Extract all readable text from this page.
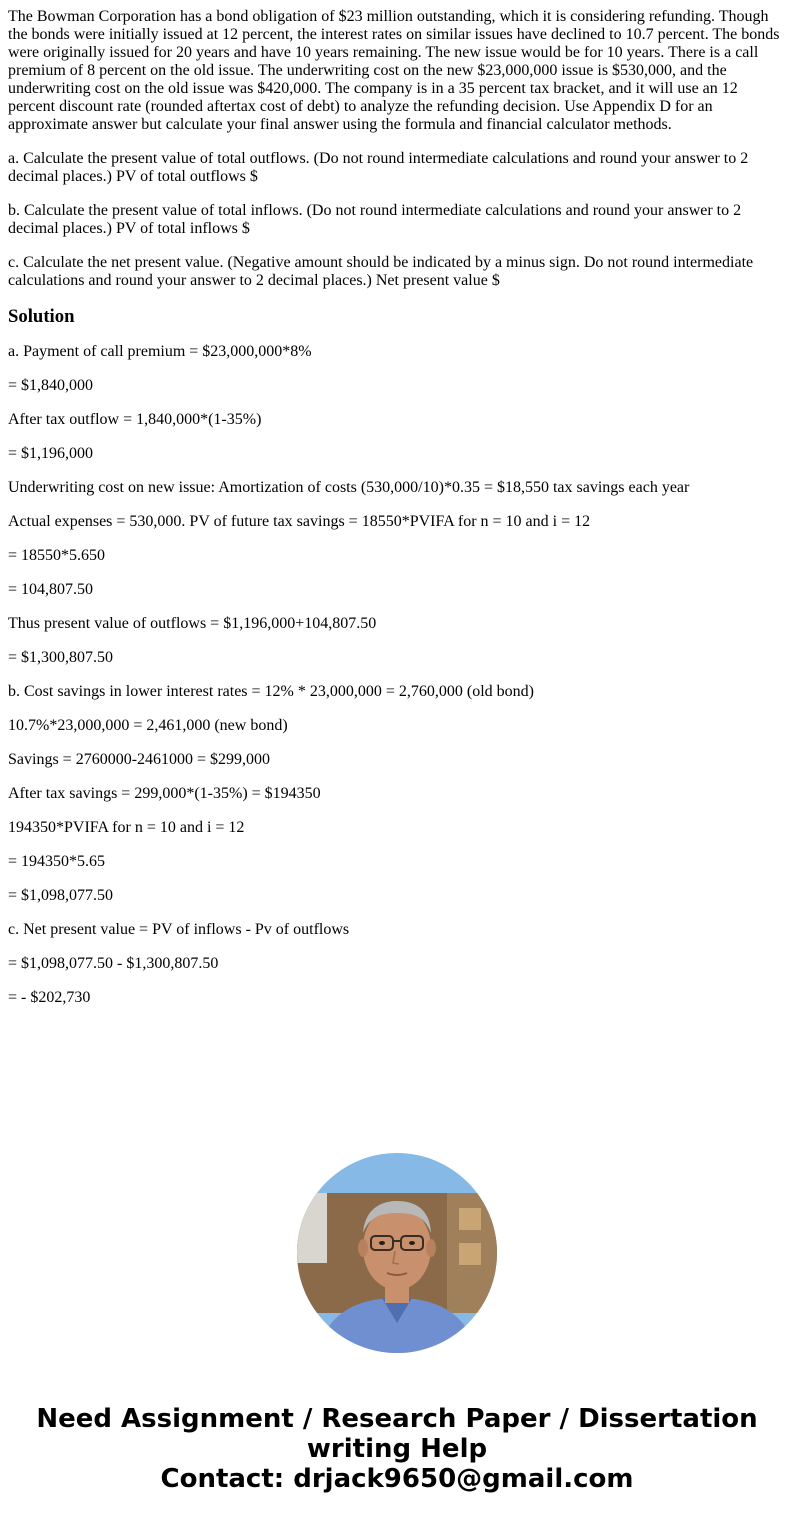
The Bowman Corporation has a bond obligation of $23 million outstanding, which it is considering refunding. Though the bonds were initially issued at 12 percent, the interest rates on similar issues have declined to 10.7 percent. The bonds were originally issued for 20 years and have 10 years remaining. The new issue would be for 10 years. There is a call premium of 8 percent on the old issue. The underwriting cost on the new $23,000,000 issue is $530,000, and the underwriting cost on the old issue was $420,000. The company is in a 35 percent tax bracket, and it will use an 12 percent discount rate (rounded aftertax cost of debt) to analyze the refunding decision. Use Appendix D for an approximate answer but calculate your final answer using the formula and financial calculator methods.

a. Calculate the present value of total outflows. (Do not round intermediate calculations and round your answer to 2 decimal places.) PV of total outflows $

b. Calculate the present value of total inflows. (Do not round intermediate calculations and round your answer to 2 decimal places.) PV of total inflows $

c. Calculate the net present value. (Negative amount should be indicated by a minus sign. Do not round intermediate calculations and round your answer to 2 decimal places.) Net present value $

Solution

a. Payment of call premium = $23,000,000*8%

= $1,840,000

After tax outflow = 1,840,000*(1-35%)

= $1,196,000

Underwriting cost on new issue: Amortization of costs (530,000/10)*0.35 = $18,550 tax savings each year

Actual expenses = 530,000. PV of future tax savings = 18550*PVIFA for n = 10 and i = 12

= 18550*5.650

= 104,807.50

Thus present value of outflows = $1,196,000+104,807.50

= $1,300,807.50

b. Cost savings in lower interest rates = 12% * 23,000,000 = 2,760,000 (old bond)

10.7%*23,000,000 = 2,461,000 (new bond)

Savings = 2760000-2461000 = $299,000

After tax savings = 299,000*(1-35%) = $194350

194350*PVIFA for n = 10 and i = 12

= 194350*5.65

= $1,098,077.50

c. Net present value = PV of inflows - Pv of outflows

= $1,098,077.50 - $1,300,807.50

= - $202,730

Need Assignment / Research Paper / Dissertation
writing Help
Contact: drjack9650@gmail.com
